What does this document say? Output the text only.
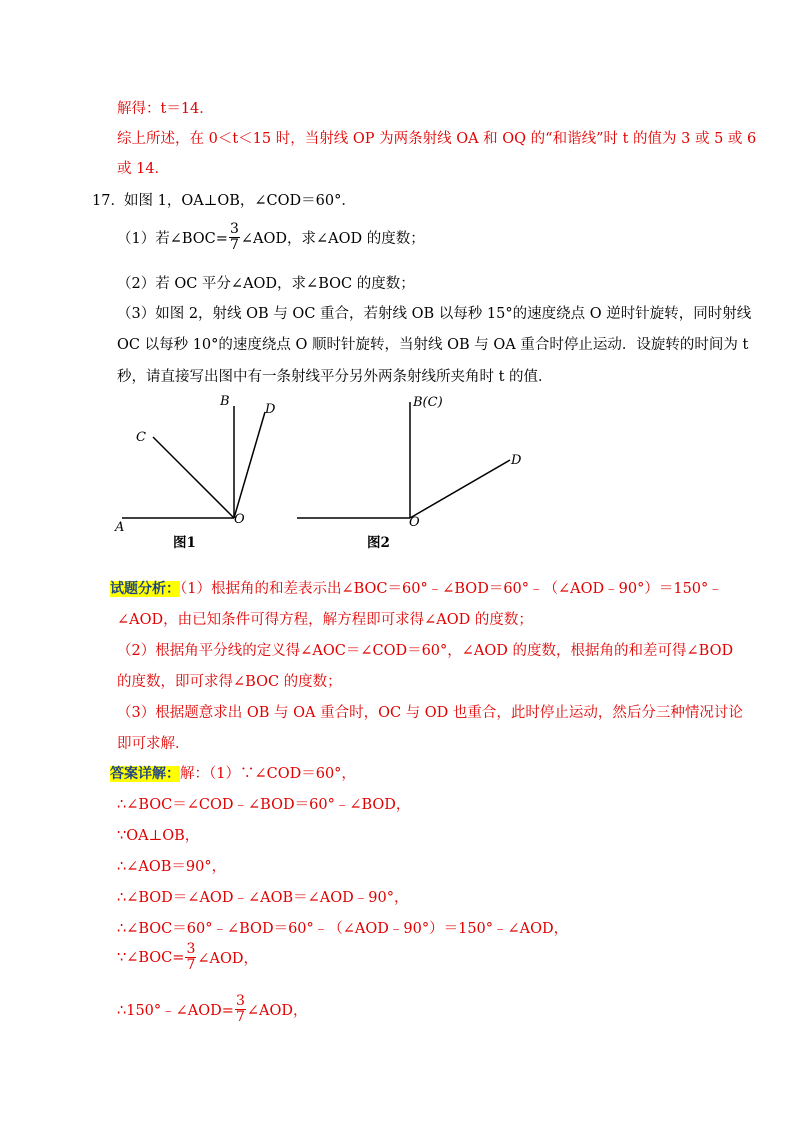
解得：t＝14．
综上所述，在 0＜t＜15 时，当射线 OP 为两条射线 OA 和 OQ 的“和谐线”时 t 的值为 3 或 5 或 6
或 14．
17． 如图 1，OA⊥OB，∠COD＝60°．
（1）若∠BOC= $\frac{3}{7}$ ∠AOD，求∠AOD 的度数；
（2）若 OC 平分∠AOD，求∠BOC 的度数；
（3）如图 2，射线 OB 与 OC 重合，若射线 OB 以每秒 15°的速度绕点 O 逆时针旋转，同时射线
OC 以每秒 10°的速度绕点 O 顺时针旋转，当射线 OB 与 OA 重合时停止运动．设旋转的时间为 t
秒，请直接写出图中有一条射线平分另外两条射线所夹角时 t 的值．
A
B
C
D
O
图1
B(C)
D
O
图2
试题分析：（1）根据角的和差表示出∠BOC＝60°﹣∠BOD＝60°﹣（∠AOD﹣90°）＝150°﹣
∠AOD，由已知条件可得方程，解方程即可求得∠AOD 的度数；
（2）根据角平分线的定义得∠AOC＝∠COD＝60°，∠AOD 的度数，根据角的和差可得∠BOD
的度数，即可求得∠BOC 的度数；
（3）根据题意求出 OB 与 OA 重合时，OC 与 OD 也重合，此时停止运动，然后分三种情况讨论
即可求解．
答案详解：解：（1）∵∠COD＝60°，
∴∠BOC＝∠COD﹣∠BOD＝60°﹣∠BOD，
∵OA⊥OB，
∴∠AOB＝90°，
∴∠BOD＝∠AOD﹣∠AOB＝∠AOD﹣90°，
∴∠BOC＝60°﹣∠BOD＝60°﹣（∠AOD﹣90°）＝150°﹣∠AOD，
∵∠BOC= $\frac{3}{7}$ ∠AOD，
∴150°﹣∠AOD= $\frac{3}{7}$ ∠AOD，
